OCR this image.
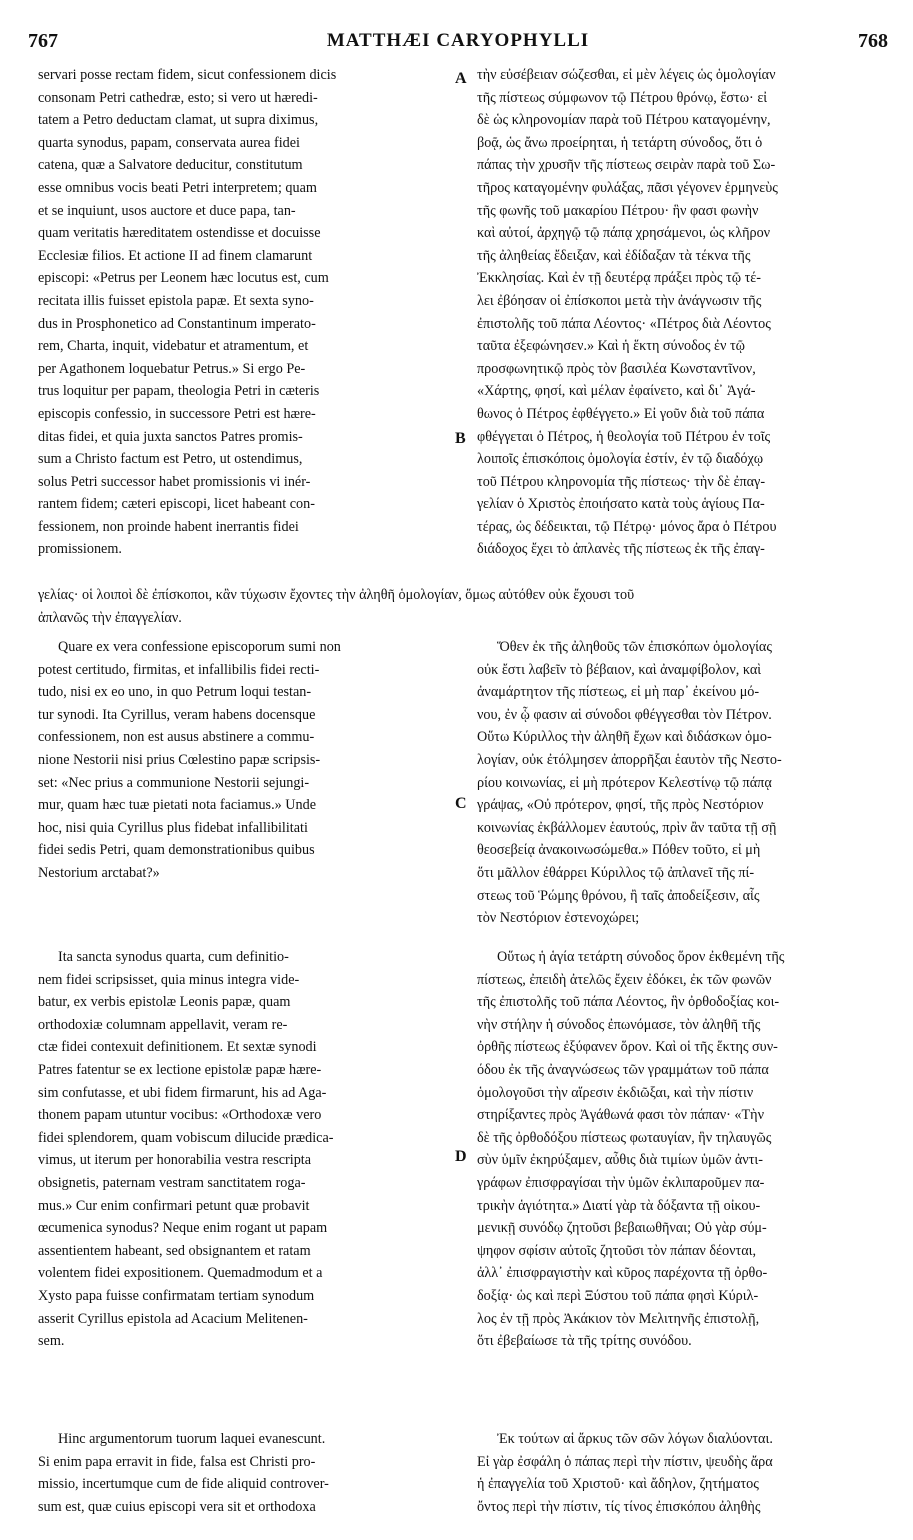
767	MATTHÆI CARYOPHYLLI	768
A
B
C
D

servari posse rectam fidem, sicut confessionem dicis
consonam Petri cathedræ, esto; si vero ut hæredi-
tatem a Petro deductam clamat, ut supra diximus,
quarta synodus, papam, conservata aurea fidei
catena, quæ a Salvatore deducitur, constitutum
esse omnibus vocis beati Petri interpretem; quam
et se inquiunt, usos auctore et duce papa, tan-
quam veritatis hæreditatem ostendisse et docuisse
Ecclesiæ filios. Et actione II ad finem clamarunt
episcopi: «Petrus per Leonem hæc locutus est, cum
recitata illis fuisset epistola papæ. Et sexta syno-
dus in Prosphonetico ad Constantinum imperato-
rem, Charta, inquit, videbatur et atramentum, et
per Agathonem loquebatur Petrus.» Si ergo Pe-
trus loquitur per papam, theologia Petri in cæteris
episcopis confessio, in successore Petri est hære-
ditas fidei, et quia juxta sanctos Patres promis-
sum a Christo factum est Petro, ut ostendimus,
solus Petri successor habet promissionis vi inér-
rantem fidem; cæteri episcopi, licet habeant con-
fessionem, non proinde habent inerrantis fidei
promissionem.

τὴν εὐσέβειαν σώζεσθαι, εἰ μὲν λέγεις ὡς ὁμολογίαν
τῆς πίστεως σύμφωνον τῷ Πέτρου θρόνῳ, ἔστω· εἰ
δὲ ὡς κληρονομίαν παρὰ τοῦ Πέτρου καταγομένην,
βοᾷ, ὡς ἄνω προείρηται, ἡ τετάρτη σύνοδος, ὅτι ὁ
πάπας τὴν χρυσῆν τῆς πίστεως σειρὰν παρὰ τοῦ Σω-
τῆρος καταγομένην φυλάξας, πᾶσι γέγονεν ἑρμηνεὺς
τῆς φωνῆς τοῦ μακαρίου Πέτρου· ἣν φασι φωνὴν
καὶ αὐτοί, ἀρχηγῷ τῷ πάπᾳ χρησάμενοι, ὡς κλῆρον
τῆς ἀληθείας ἔδειξαν, καὶ ἐδίδαξαν τὰ τέκνα τῆς
Ἐκκλησίας. Καὶ ἐν τῇ δευτέρᾳ πράξει πρὸς τῷ τέ-
λει ἐβόησαν οἱ ἐπίσκοποι μετὰ τὴν ἀνάγνωσιν τῆς
ἐπιστολῆς τοῦ πάπα Λέοντος· «Πέτρος διὰ Λέοντος
ταῦτα ἐξεφώνησεν.» Καὶ ἡ ἕκτη σύνοδος ἐν τῷ
προσφωνητικῷ πρὸς τὸν βασιλέα Κωνσταντῖνον,
«Χάρτης, φησί, καὶ μέλαν ἐφαίνετο, καὶ δι᾽ Ἀγά-
θωνος ὁ Πέτρος ἐφθέγγετο.» Εἰ γοῦν διὰ τοῦ πάπα
φθέγγεται ὁ Πέτρος, ἡ θεολογία τοῦ Πέτρου ἐν τοῖς
λοιποῖς ἐπισκόποις ὁμολογία ἐστίν, ἐν τῷ διαδόχῳ
τοῦ Πέτρου κληρονομία τῆς πίστεως· τὴν δὲ ἐπαγ-
γελίαν ὁ Χριστὸς ἐποιήσατο κατὰ τοὺς ἁγίους Πα-
τέρας, ὡς δέδεικται, τῷ Πέτρῳ· μόνος ἄρα ὁ Πέτρου
διάδοχος ἔχει τὸ ἀπλανὲς τῆς πίστεως ἐκ τῆς ἐπαγ-

γελίας· οἱ λοιποὶ δὲ ἐπίσκοποι, κἂν τύχωσιν ἔχοντες τὴν ἀληθῆ ὁμολογίαν, ὅμως αὐτόθεν οὐκ ἔχουσι τοῦ
ἀπλανῶς τὴν ἐπαγγελίαν.

Quare ex vera confessione episcoporum sumi non
potest certitudo, firmitas, et infallibilis fidei recti-
tudo, nisi ex eo uno, in quo Petrum loqui testan-
tur synodi. Ita Cyrillus, veram habens docensque
confessionem, non est ausus abstinere a commu-
nione Nestorii nisi prius Cœlestino papæ scripsis-
set: «Nec prius a communione Nestorii sejungi-
mur, quam hæc tuæ pietati nota faciamus.» Unde
hoc, nisi quia Cyrillus plus fidebat infallibilitati
fidei sedis Petri, quam demonstrationibus quibus
Nestorium arctabat?»

Ὅθεν ἐκ τῆς ἀληθοῦς τῶν ἐπισκόπων ὁμολογίας
οὐκ ἔστι λαβεῖν τὸ βέβαιον, καὶ ἀναμφίβολον, καὶ
ἀναμάρτητον τῆς πίστεως, εἰ μὴ παρ᾽ ἐκείνου μό-
νου, ἐν ᾧ φασιν αἱ σύνοδοι φθέγγεσθαι τὸν Πέτρον.
Οὕτω Κύριλλος τὴν ἀληθῆ ἔχων καὶ διδάσκων ὁμο-
λογίαν, οὐκ ἐτόλμησεν ἀπορρῆξαι ἑαυτὸν τῆς Νεστο-
ρίου κοινωνίας, εἰ μὴ πρότερον Κελεστίνῳ τῷ πάπᾳ
γράψας, «Οὐ πρότερον, φησί, τῆς πρὸς Νεστόριον
κοινωνίας ἐκβάλλομεν ἑαυτούς, πρὶν ἂν ταῦτα τῇ σῇ
θεοσεβείᾳ ἀνακοινωσώμεθα.» Πόθεν τοῦτο, εἰ μὴ
ὅτι μᾶλλον ἐθάρρει Κύριλλος τῷ ἀπλανεῖ τῆς πί-
στεως τοῦ Ῥώμης θρόνου, ἢ ταῖς ἀποδείξεσιν, αἷς
τὸν Νεστόριον ἐστενοχώρει;

Ita sancta synodus quarta, cum definitio-
nem fidei scripsisset, quia minus integra vide-
batur, ex verbis epistolæ Leonis papæ, quam
orthodoxiæ columnam appellavit, veram re-
ctæ fidei contexuit definitionem. Et sextæ synodi
Patres fatentur se ex lectione epistolæ papæ hære-
sim confutasse, et ubi fidem firmarunt, his ad Aga-
thonem papam utuntur vocibus: «Orthodoxæ vero
fidei splendorem, quam vobiscum dilucide prædica-
vimus, ut iterum per honorabilia vestra rescripta
obsignetis, paternam vestram sanctitatem roga-
mus.» Cur enim confirmari petunt quæ probavit
œcumenica synodus? Neque enim rogant ut papam
assentientem habeant, sed obsignantem et ratam
volentem fidei expositionem. Quemadmodum et a
Xysto papa fuisse confirmatam tertiam synodum
asserit Cyrillus epistola ad Acacium Melitenen-
sem.

Οὕτως ἡ ἁγία τετάρτη σύνοδος ὅρον ἐκθεμένη τῆς
πίστεως, ἐπειδὴ ἀτελῶς ἔχειν ἐδόκει, ἐκ τῶν φωνῶν
τῆς ἐπιστολῆς τοῦ πάπα Λέοντος, ἣν ὀρθοδοξίας κοι-
νὴν στήλην ἡ σύνοδος ἐπωνόμασε, τὸν ἀληθῆ τῆς
ὀρθῆς πίστεως ἐξύφανεν ὅρον. Καὶ οἱ τῆς ἕκτης συν-
όδου ἐκ τῆς ἀναγνώσεως τῶν γραμμάτων τοῦ πάπα
ὁμολογοῦσι τὴν αἵρεσιν ἐκδιῶξαι, καὶ τὴν πίστιν
στηρίξαντες πρὸς Ἀγάθωνά φασι τὸν πάπαν· «Τὴν
δὲ τῆς ὀρθοδόξου πίστεως φωταυγίαν, ἣν τηλαυγῶς
σὺν ὑμῖν ἐκηρύξαμεν, αὖθις διὰ τιμίων ὑμῶν ἀντι-
γράφων ἐπισφραγίσαι τὴν ὑμῶν ἐκλιπαροῦμεν πα-
τρικὴν ἁγιότητα.» Διατί γὰρ τὰ δόξαντα τῇ οἰκου-
μενικῇ συνόδῳ ζητοῦσι βεβαιωθῆναι; Οὐ γὰρ σύμ-
ψηφον σφίσιν αὐτοῖς ζητοῦσι τὸν πάπαν δέονται,
ἀλλ᾽ ἐπισφραγιστὴν καὶ κῦρος παρέχοντα τῇ ὀρθο-
δοξίᾳ· ὡς καὶ περὶ Ξύστου τοῦ πάπα φησὶ Κύριλ-
λος ἐν τῇ πρὸς Ἀκάκιον τὸν Μελιτηνῆς ἐπιστολῇ,
ὅτι ἐβεβαίωσε τὰ τῆς τρίτης συνόδου.

Hinc argumentorum tuorum laquei evanescunt.
Si enim papa erravit in fide, falsa est Christi pro-
missio, incertumque cum de fide aliquid controver-
sum est, quæ cuius episcopi vera sit et orthodoxa

Ἐκ τούτων αἱ ἄρκυς τῶν σῶν λόγων διαλύονται.
Εἰ γὰρ ἐσφάλη ὁ πάπας περὶ τὴν πίστιν, ψευδὴς ἄρα
ἡ ἐπαγγελία τοῦ Χριστοῦ· καὶ ἄδηλον, ζητήματος
ὄντος περὶ τὴν πίστιν, τίς τίνος ἐπισκόπου ἀληθὴς
